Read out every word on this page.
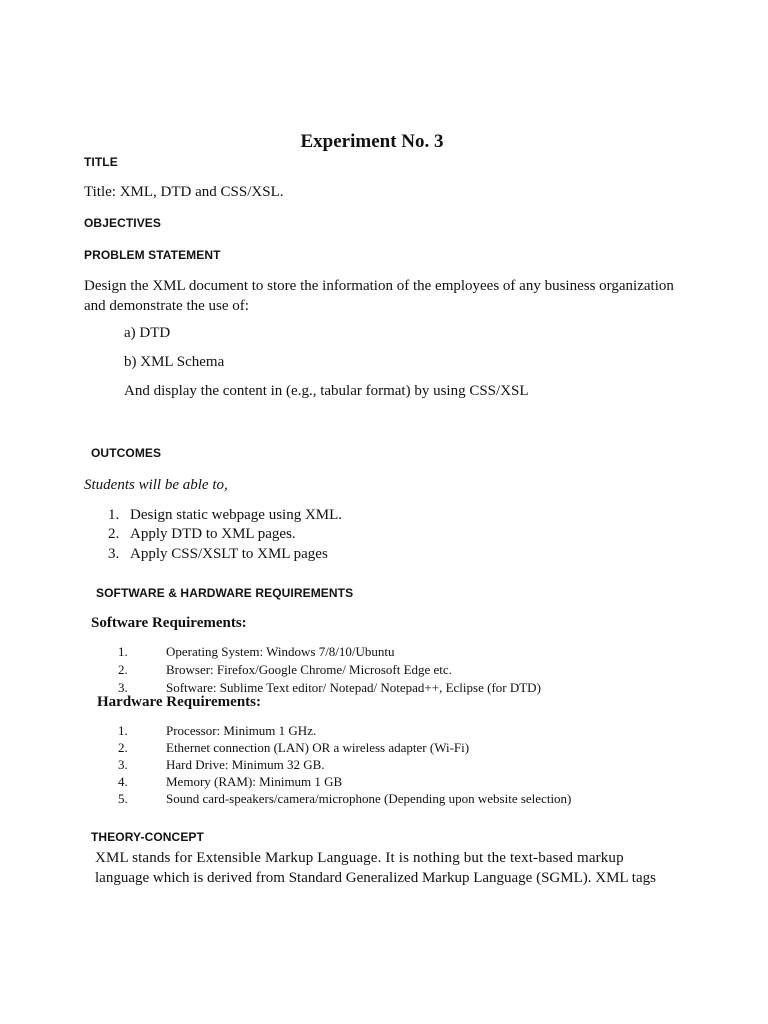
Experiment No. 3
TITLE
Title: XML, DTD and CSS/XSL.
OBJECTIVES
PROBLEM STATEMENT
Design the XML document to store the information of the employees of any business organization and demonstrate the use of:
a) DTD
b) XML Schema
And display the content in (e.g., tabular format) by using CSS/XSL
OUTCOMES
Students will be able to,
1. Design static webpage using XML.
2. Apply DTD to XML pages.
3. Apply CSS/XSLT to XML pages
SOFTWARE & HARDWARE REQUIREMENTS
Software Requirements:
1.	Operating System: Windows 7/8/10/Ubuntu
2.	Browser: Firefox/Google Chrome/ Microsoft Edge etc.
3.	Software: Sublime Text editor/ Notepad/ Notepad++, Eclipse (for DTD)
Hardware Requirements:
1.	Processor: Minimum 1 GHz.
2.	Ethernet connection (LAN) OR a wireless adapter (Wi-Fi)
3.	Hard Drive: Minimum 32 GB.
4.	Memory (RAM): Minimum 1 GB
5.	Sound card-speakers/camera/microphone (Depending upon website selection)
THEORY-CONCEPT
XML stands for Extensible Markup Language. It is nothing but the text-based markup
language which is derived from Standard Generalized Markup Language (SGML). XML tags
